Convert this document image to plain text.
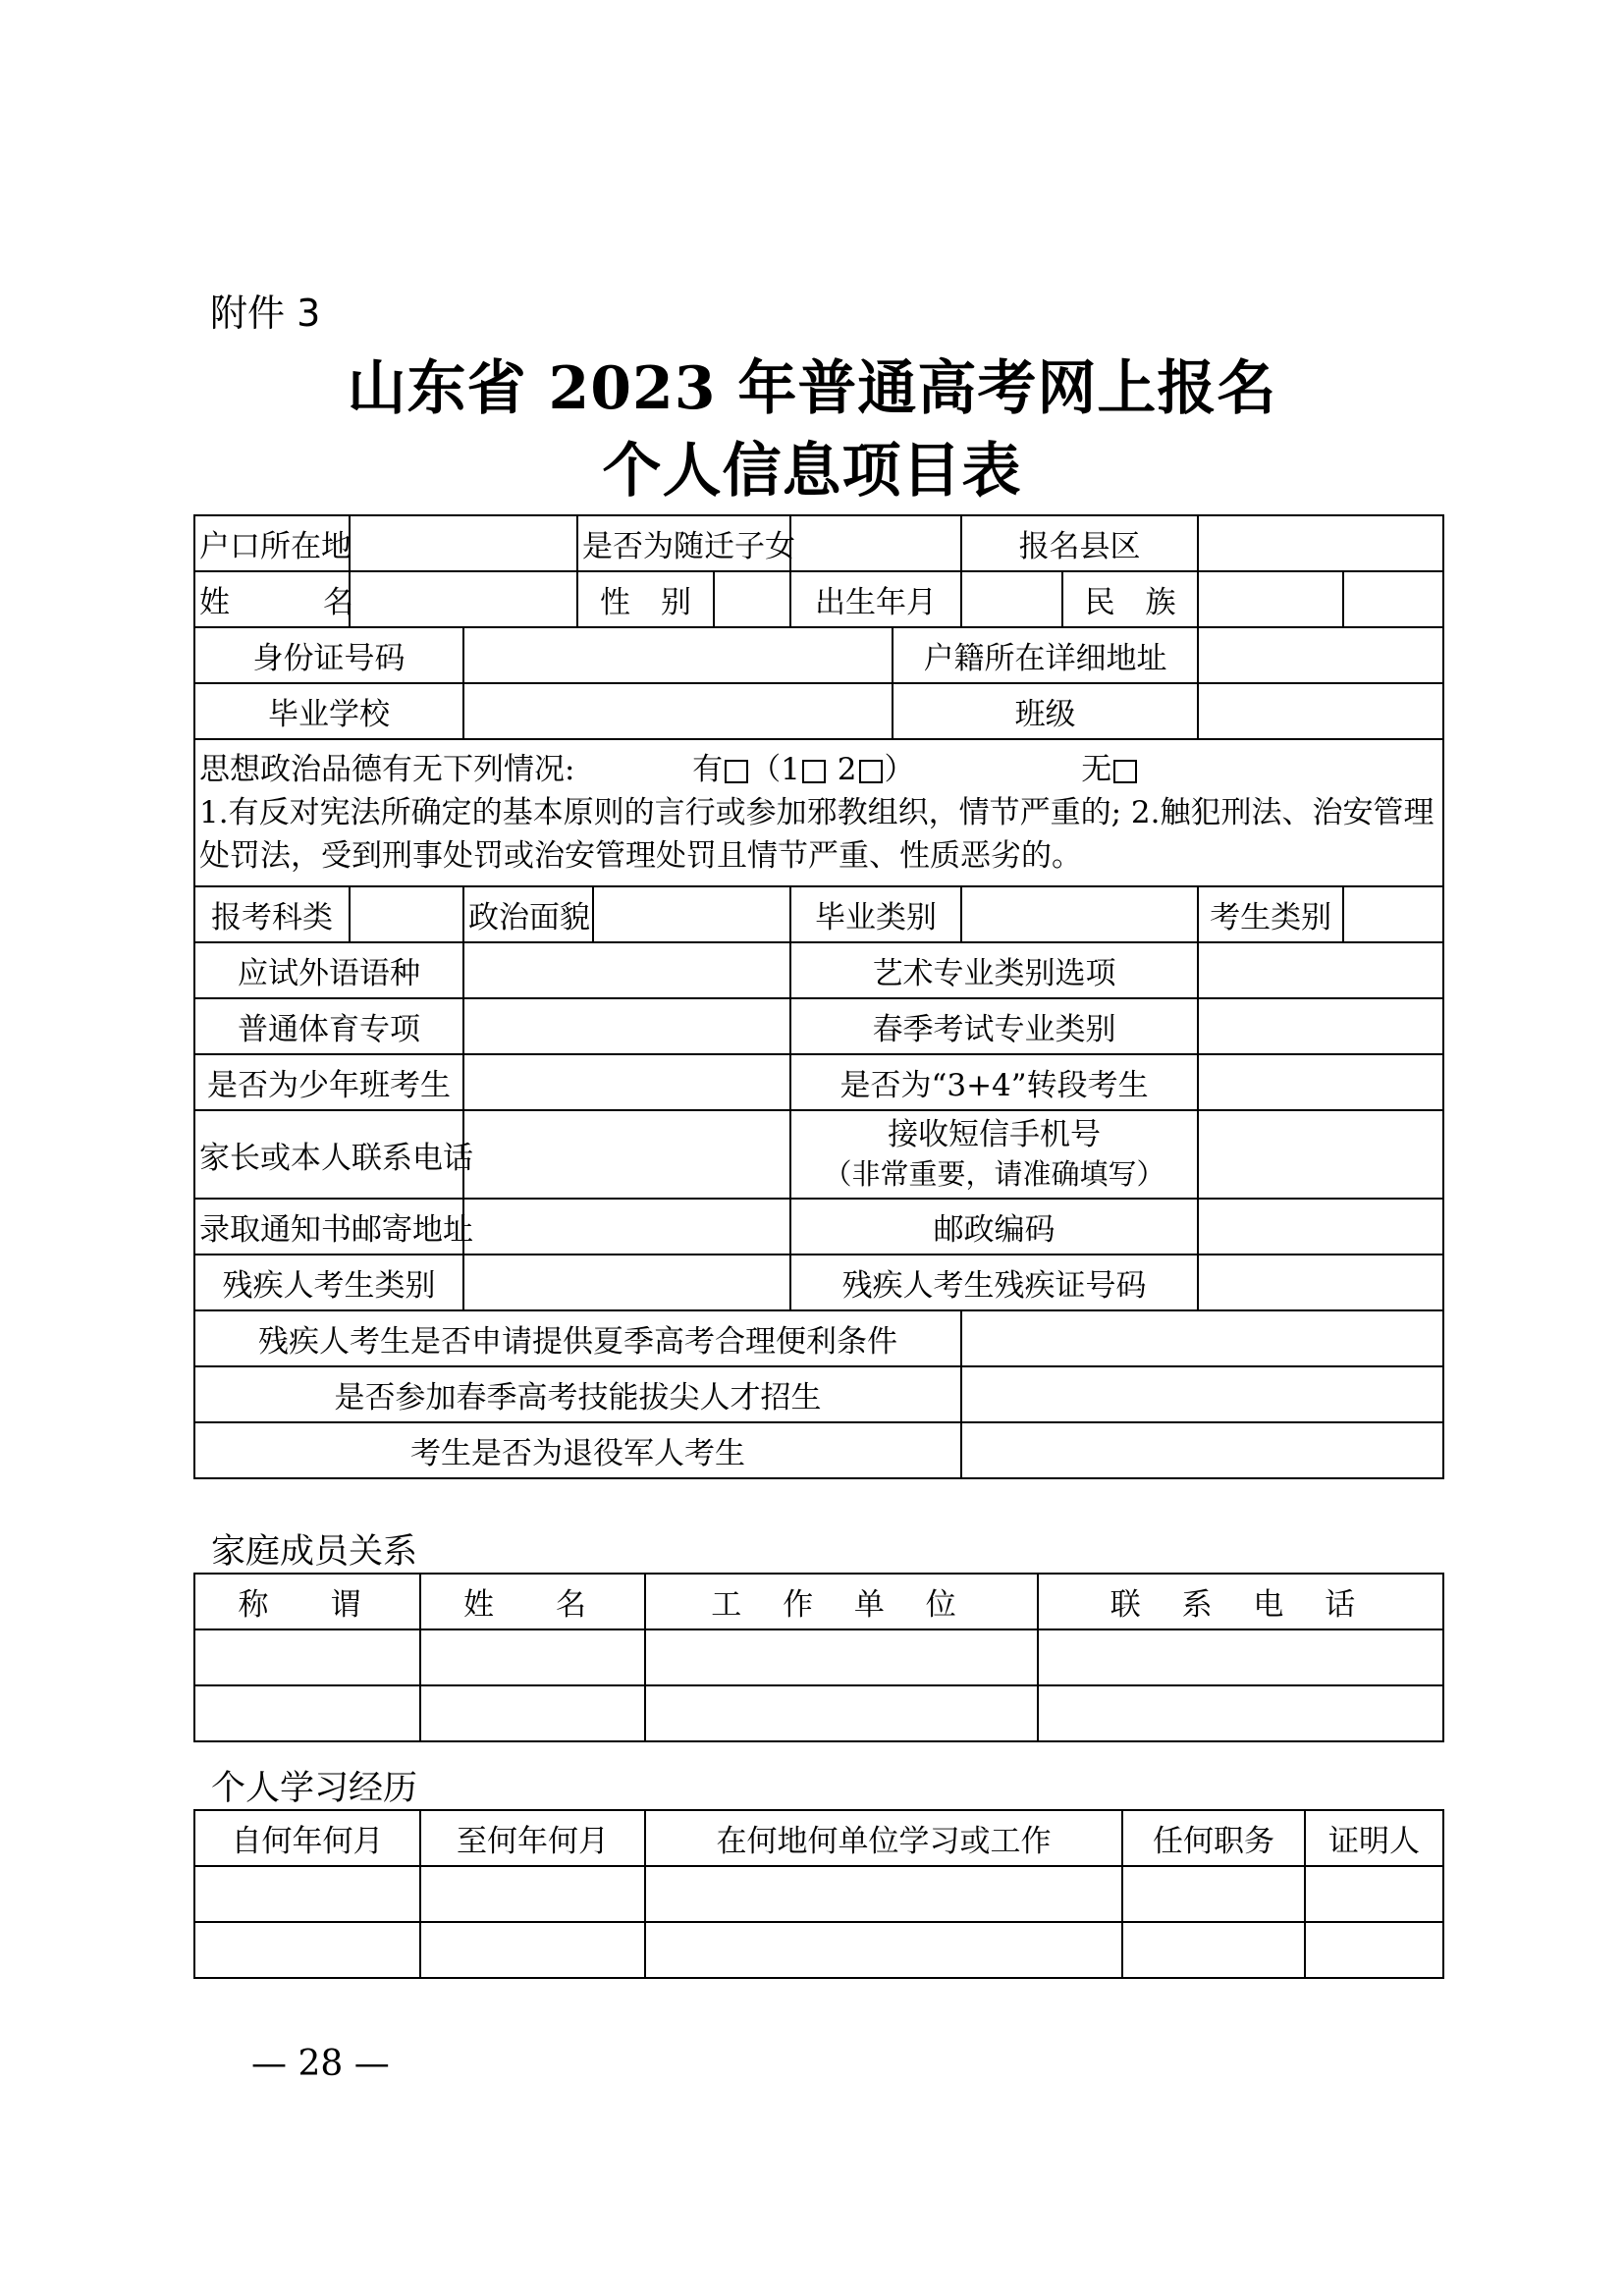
附件 3
山东省 2023 年普通高考网上报名
个人信息项目表
户口所在地			是否为随迁子女					报名县区			
姓　名			性　别			出生年月			民　族		
身份证号码							户籍所在详细地址				
毕业学校							班级				
思想政治品德有无下列情况: 有 （1 2 ） 无
1.有反对宪法所确定的基本原则的言行或参加邪教组织，情节严重的; 2.触犯刑法、治安管理处罚法，受到刑事处罚或治安管理处罚且情节严重、性质恶劣的。											
报考科类		政治面貌				毕业类别				考生类别	
应试外语语种						艺术专业类别选项					
普通体育专项						春季考试专业类别					
是否为少年班考生						是否为“3+4”转段考生					
家长或本人联系电话						接收短信手机号
（非常重要，请准确填写）					

录取通知书邮寄地址						邮政编码					
残疾人考生类别						残疾人考生残疾证号码					
残疾人考生是否申请提供夏季高考合理便利条件											
是否参加春季高考技能拔尖人才招生											
考生是否为退役军人考生											
家庭成员关系
称　谓	姓　名	工 作 单 位	联 系 电 话

个人学习经历
自何年何月	至何年何月	在何地何单位学习或工作	任何职务	证明人

— 28 —
